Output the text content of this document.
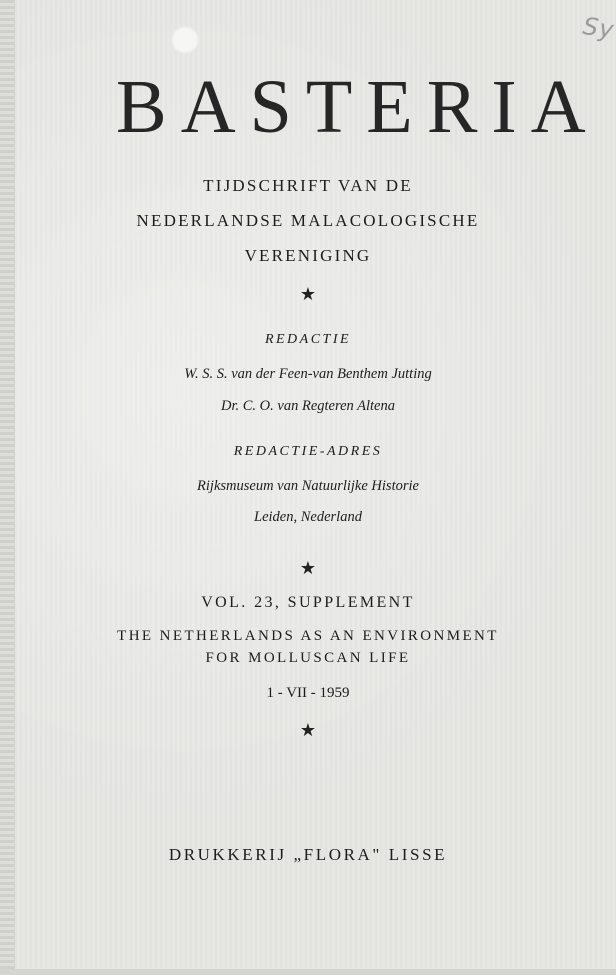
Sy
BASTERIA

TIJDSCHRIFT VAN DE

NEDERLANDSE MALACOLOGISCHE

VERENIGING

★

REDACTIE

W. S. S. van der Feen-van Benthem Jutting

Dr. C. O. van Regteren Altena

REDACTIE-ADRES

Rijksmuseum van Natuurlijke Historie

Leiden, Nederland

★

VOL. 23, SUPPLEMENT

THE NETHERLANDS AS AN ENVIRONMENT

FOR MOLLUSCAN LIFE

1 - VII - 1959

★

DRUKKERIJ „FLORA" LISSE
